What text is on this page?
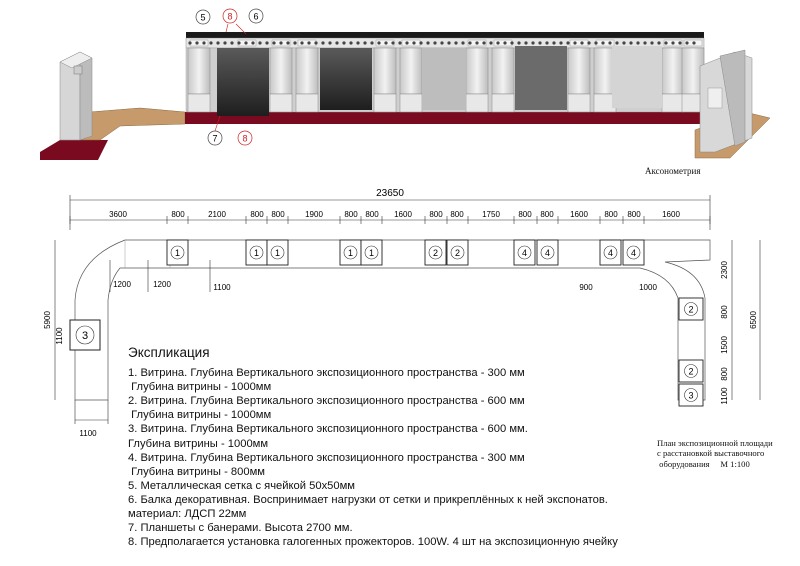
5 8 6
7	8
1	1 1	1 1	2 2	4 4	4 4
3
2
2
3
23650
3600	800	2100	800 800	1900	800 800 1600 800 800 1750 800 800 1600 800 800	1600
1200	1200	1100	900	1000
5900
1100
6500
2300
800
1500
800
1100
1100
Экспликация
1. Витрина. Глубина Вертикального экспозиционного пространства - 300 мм
Глубина витрины - 1000мм
2. Витрина. Глубина Вертикального экспозиционного пространства - 600 мм
Глубина витрины - 1000мм
3. Витрина. Глубина Вертикального экспозиционного пространства - 600 мм.
Глубина витрины - 1000мм
4. Витрина. Глубина Вертикального экспозиционного пространства - 300 мм
Глубина витрины - 800мм
5. Металлическая сетка с ячейкой 50х50мм
6. Балка декоративная. Воспринимает нагрузки от сетки и прикреплённых к ней экспонатов.
материал: ЛДСП 22мм
7. Планшеты с банерами. Высота 2700 мм.
8. Предполагается установка галогенных прожекторов. 100W. 4 шт на экспозиционную ячейку
Аксонометрия
План экспозиционной площади
с расстановкой выставочного
оборудования     М 1:100
